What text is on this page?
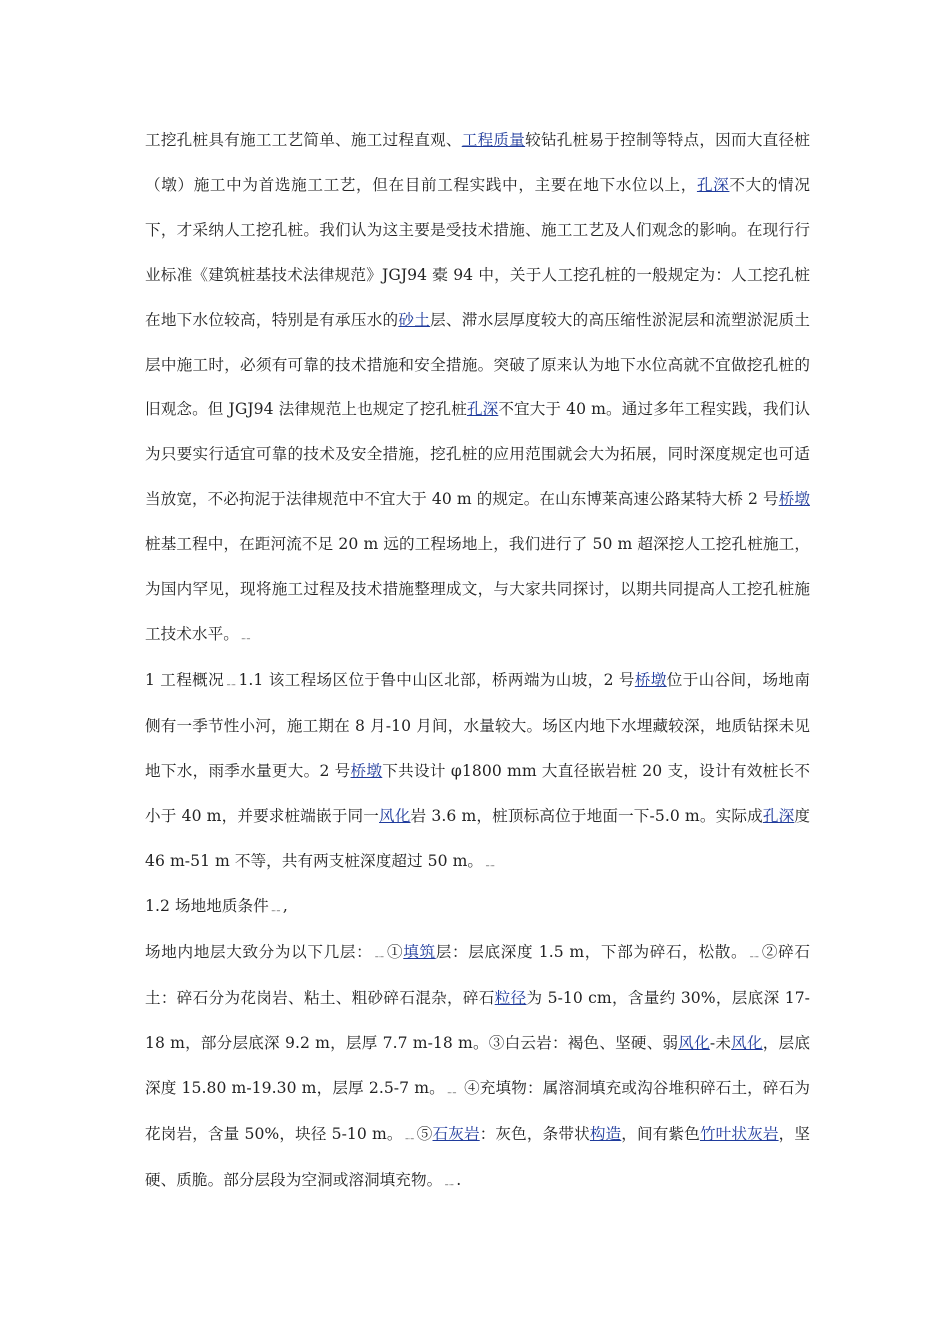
工挖孔桩具有施工工艺简单、施工过程直观、工程质量较钻孔桩易于控制等特点，因而大直径桩（墩）施工中为首选施工工艺，但在目前工程实践中，主要在地下水位以上，孔深不大的情况下，才采纳人工挖孔桩。我们认为这主要是受技术措施、施工工艺及人们观念的影响。在现行行业标准《建筑桩基技术法律规范》JGJ94 橐 94 中，关于人工挖孔桩的一般规定为：人工挖孔桩在地下水位较高，特别是有承压水的砂土层、滞水层厚度较大的高压缩性淤泥层和流塑淤泥质土层中施工时，必须有可靠的技术措施和安全措施。突破了原来认为地下水位高就不宜做挖孔桩的旧观念。但 JGJ94 法律规范上也规定了挖孔桩孔深不宜大于 40 m。通过多年工程实践，我们认为只要实行适宜可靠的技术及安全措施，挖孔桩的应用范围就会大为拓展，同时深度规定也可适当放宽，不必拘泥于法律规范中不宜大于 40 m 的规定。在山东博莱高速公路某特大桥 2 号桥墩桩基工程中，在距河流不足 20 m 远的工程场地上，我们进行了 50 m 超深挖人工挖孔桩施工，为国内罕见，现将施工过程及技术措施整理成文，与大家共同探讨，以期共同提高人工挖孔桩施工技术水平。﹎

1 工程概况﹎1.1 该工程场区位于鲁中山区北部，桥两端为山坡，2 号桥墩位于山谷间，场地南侧有一季节性小河，施工期在 8 月-10 月间，水量较大。场区内地下水埋藏较深，地质钻探未见地下水，雨季水量更大。2 号桥墩下共设计 φ1800 mm 大直径嵌岩桩 20 支，设计有效桩长不小于 40 m，并要求桩端嵌于同一风化岩 3.6 m，桩顶标高位于地面一下-5.0 m。实际成孔深度 46 m-51 m 不等，共有两支桩深度超过 50 m。﹎

1.2 场地地质条件﹎,

场地内地层大致分为以下几层：﹎①填筑层：层底深度 1.5 m，下部为碎石，松散。﹎②碎石土：碎石分为花岗岩、粘土、粗砂碎石混杂，碎石粒径为 5-10 cm，含量约 30%，层底深 17-18 m，部分层底深 9.2 m，层厚 7.7 m-18 m。③白云岩：褐色、坚硬、弱风化-未风化，层底深度 15.80 m-19.30 m，层厚 2.5-7 m。﹎ ④充填物：属溶洞填充或沟谷堆积碎石土，碎石为花岗岩，含量 50%，块径 5-10 m。﹎⑤石灰岩：灰色，条带状构造，间有紫色竹叶状灰岩，坚硬、质脆。部分层段为空洞或溶洞填充物。﹎.
